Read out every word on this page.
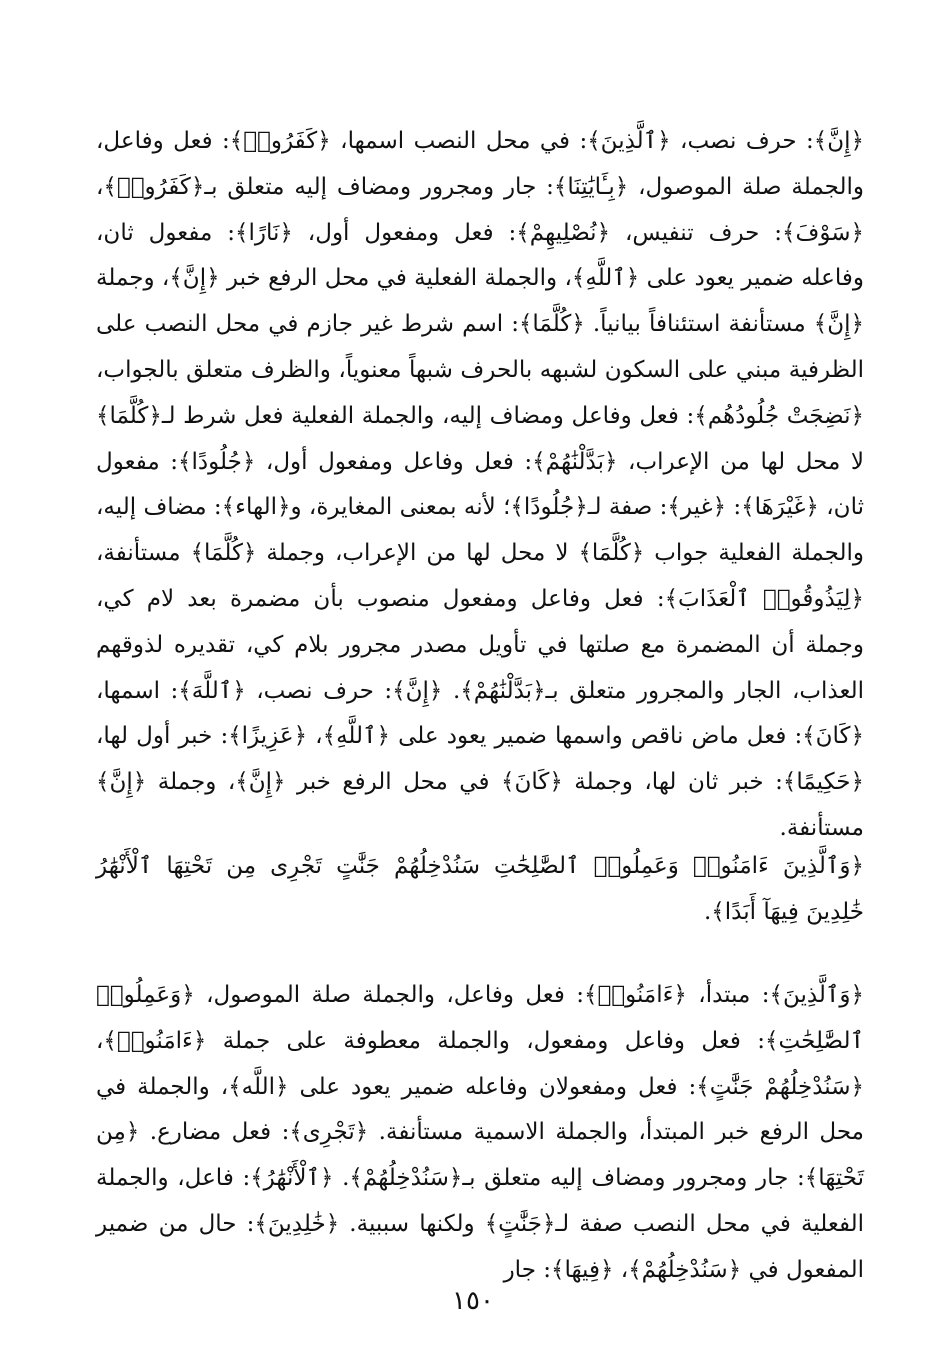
﴿إِنَّ﴾: حرف نصب، ﴿ٱلَّذِينَ﴾: في محل النصب اسمها، ﴿كَفَرُوا۟﴾: فعل وفاعل، والجملة صلة الموصول، ﴿بِـَٔايَٰتِنَا﴾: جار ومجرور ومضاف إليه متعلق بـ﴿كَفَرُوا۟﴾، ﴿سَوْفَ﴾: حرف تنفيس، ﴿نُصْلِيهِمْ﴾: فعل ومفعول أول، ﴿نَارًا﴾: مفعول ثان، وفاعله ضمير يعود على ﴿ٱللَّهِ﴾، والجملة الفعلية في محل الرفع خبر ﴿إِنَّ﴾، وجملة ﴿إِنَّ﴾ مستأنفة استئنافاً بيانياً. ﴿كُلَّمَا﴾: اسم شرط غير جازم في محل النصب على الظرفية مبني على السكون لشبهه بالحرف شبهاً معنوياً، والظرف متعلق بالجواب، ﴿نَضِجَتْ جُلُودُهُم﴾: فعل وفاعل ومضاف إليه، والجملة الفعلية فعل شرط لـ﴿كُلَّمَا﴾ لا محل لها من الإعراب، ﴿بَدَّلْنَٰهُمْ﴾: فعل وفاعل ومفعول أول، ﴿جُلُودًا﴾: مفعول ثان، ﴿غَيْرَهَا﴾: ﴿غير﴾: صفة لـ﴿جُلُودًا﴾؛ لأنه بمعنى المغايرة، و﴿الهاء﴾: مضاف إليه، والجملة الفعلية جواب ﴿كُلَّمَا﴾ لا محل لها من الإعراب، وجملة ﴿كُلَّمَا﴾ مستأنفة، ﴿لِيَذُوقُوا۟ ٱلْعَذَابَ﴾: فعل وفاعل ومفعول منصوب بأن مضمرة بعد لام كي، وجملة أن المضمرة مع صلتها في تأويل مصدر مجرور بلام كي، تقديره لذوقهم العذاب، الجار والمجرور متعلق بـ﴿بَدَّلْنَٰهُمْ﴾. ﴿إِنَّ﴾: حرف نصب، ﴿ٱللَّهَ﴾: اسمها، ﴿كَانَ﴾: فعل ماض ناقص واسمها ضمير يعود على ﴿ٱللَّهِ﴾، ﴿عَزِيزًا﴾: خبر أول لها، ﴿حَكِيمًا﴾: خبر ثان لها، وجملة ﴿كَانَ﴾ في محل الرفع خبر ﴿إِنَّ﴾، وجملة ﴿إِنَّ﴾ مستأنفة.

﴿وَٱلَّذِينَ ءَامَنُوا۟ وَعَمِلُوا۟ ٱلصَّٰلِحَٰتِ سَنُدْخِلُهُمْ جَنَّٰتٍ تَجْرِى مِن تَحْتِهَا ٱلْأَنْهَٰرُ خَٰلِدِينَ فِيهَآ أَبَدًا﴾.

﴿وَٱلَّذِينَ﴾: مبتدأ، ﴿ءَامَنُوا۟﴾: فعل وفاعل، والجملة صلة الموصول، ﴿وَعَمِلُوا۟ ٱلصَّٰلِحَٰتِ﴾: فعل وفاعل ومفعول، والجملة معطوفة على جملة ﴿ءَامَنُوا۟﴾، ﴿سَنُدْخِلُهُمْ جَنَّٰتٍ﴾: فعل ومفعولان وفاعله ضمير يعود على ﴿اللَّه﴾، والجملة في محل الرفع خبر المبتدأ، والجملة الاسمية مستأنفة. ﴿تَجْرِى﴾: فعل مضارع. ﴿مِن تَحْتِهَا﴾: جار ومجرور ومضاف إليه متعلق بـ﴿سَنُدْخِلُهُمْ﴾. ﴿ٱلْأَنْهَٰرُ﴾: فاعل، والجملة الفعلية في محل النصب صفة لـ﴿جَنَّٰتٍ﴾ ولكنها سببية. ﴿خَٰلِدِينَ﴾: حال من ضمير المفعول في ﴿سَنُدْخِلُهُمْ﴾، ﴿فِيهَا﴾: جار

١٥٠
